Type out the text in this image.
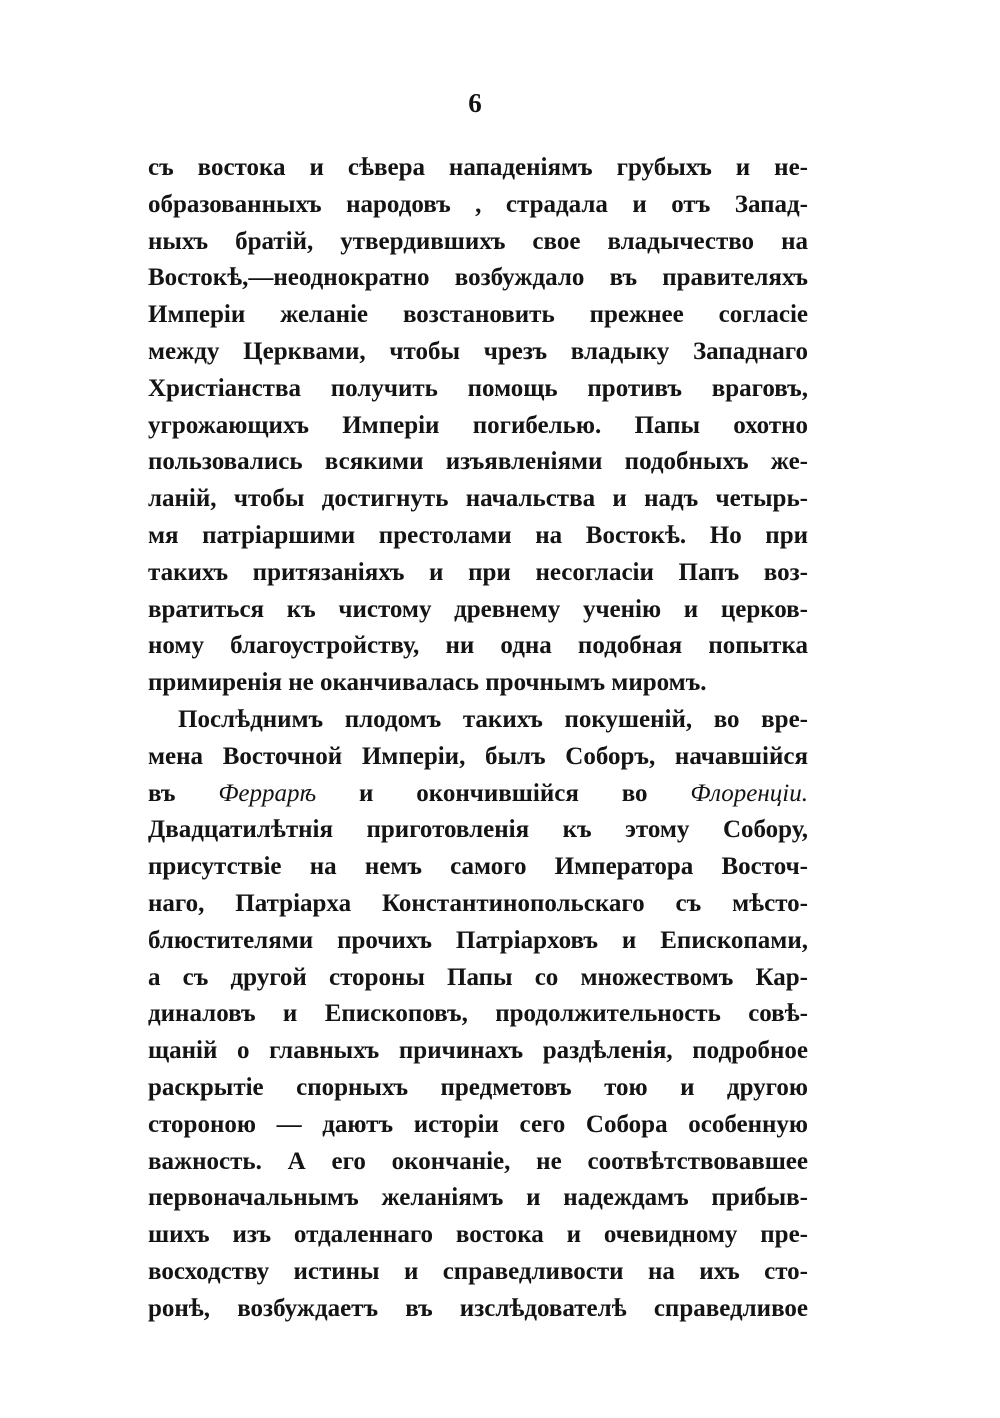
6
съ востока и сѣвера нападеніямъ грубыхъ и не-
образованныхъ народовъ , страдала и отъ Запад-
ныхъ братій, утвердившихъ свое владычество на
Востокѣ,—неоднократно возбуждало въ правителяхъ
Имперіи желаніе возстановить прежнее согласіе
между Церквами, чтобы чрезъ владыку Западнаго
Христіанства получить помощь противъ враговъ,
угрожающихъ Имперіи погибелью. Папы охотно
пользовались всякими изъявленіями подобныхъ же-
ланій, чтобы достигнуть начальства и надъ четырь-
мя патріаршими престолами на Востокѣ. Но при
такихъ притязаніяхъ и при несогласіи Папъ воз-
вратиться къ чистому древнему ученію и церков-
ному благоустройству, ни одна подобная попытка
примиренія не оканчивалась прочнымъ миромъ.
Послѣднимъ плодомъ такихъ покушеній, во вре-
мена Восточной Имперіи, былъ Соборъ, начавшійся
въ Феррарѣ и окончившійся во Флоренціи.
Двадцатилѣтнія приготовленія къ этому Собору,
присутствіе на немъ самого Императора Восточ-
наго, Патріарха Константинопольскаго съ мѣсто-
блюстителями прочихъ Патріарховъ и Епископами,
а съ другой стороны Папы со множествомъ Кар-
диналовъ и Епископовъ, продолжительность совѣ-
щаній о главныхъ причинахъ раздѣленія, подробное
раскрытіе спорныхъ предметовъ тою и другою
стороною — даютъ исторіи сего Собора особенную
важность. А его окончаніе, не соотвѣтствовавшее
первоначальнымъ желаніямъ и надеждамъ прибыв-
шихъ изъ отдаленнаго востока и очевидному пре-
восходству истины и справедливости на ихъ сто-
ронѣ, возбуждаетъ въ изслѣдователѣ справедливое
